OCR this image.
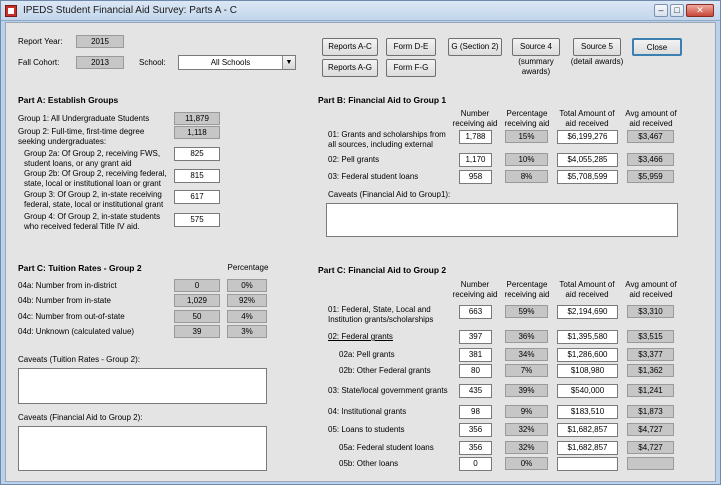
IPEDS Student Financial Aid Survey: Parts A - C	–	□	✕
Report Year:	2015
Fall Cohort:	2013	School:	All Schools	▼
Reports A-C
Reports A-G
Form D-E
Form F-G
G (Section 2)	Source 4
(summary awards)
Source 5
(detail awards)
Close
Part A: Establish Groups
Group 1: All Undergraduate Students	11,879
Group 2: Full-time, first-time degree seeking undergraduates:
1,118
Group 2a: Of Group 2, receiving FWS, student loans, or any grant aid
825
Group 2b: Of Group 2, receiving federal, state, local or institutional loan or grant
815
Group 3: Of Group 2, in-state receiving federal, state, local or institutional grant
617
Group 4: Of Group 2, in-state students who received federal Title IV aid.
575
Part C: Tuition Rates - Group 2	Percentage
04a: Number from in-district	0	0%
04b: Number from in-state	1,029	92%
04c: Number from out-of-state	50	4%
04d: Unknown (calculated value)	39	3%
Caveats (Tuition Rates - Group 2):
Caveats (Financial Aid to Group 2):
Part B: Financial Aid to Group 1
Number receiving aid
Percentage receiving aid
Total Amount of aid received
Avg amount of aid received
01: Grants and scholarships from all sources, including external
1,788	15%	$6,199,276	$3,467
02: Pell grants	1,170	10%	$4,055,285	$3,466
03: Federal student loans	958	8%	$5,708,599	$5,959
Caveats (Financial Aid to Group1):
Part C: Financial Aid to Group 2
Number receiving aid
Percentage receiving aid
Total Amount of aid received
Avg amount of aid received
01: Federal, State, Local and Institution grants/scholarships
663	59%	$2,194,690	$3,310
02: Federal grants	397	36%	$1,395,580	$3,515
02a: Pell grants	381	34%	$1,286,600	$3,377
02b: Other Federal grants	80	7%	$108,980	$1,362
03: State/local government grants	435	39%	$540,000	$1,241
04: Institutional grants	98	9%	$183,510	$1,873
05: Loans to students	356	32%	$1,682,857	$4,727
05a: Federal student loans	356	32%	$1,682,857	$4,727
05b: Other loans	0	0%
